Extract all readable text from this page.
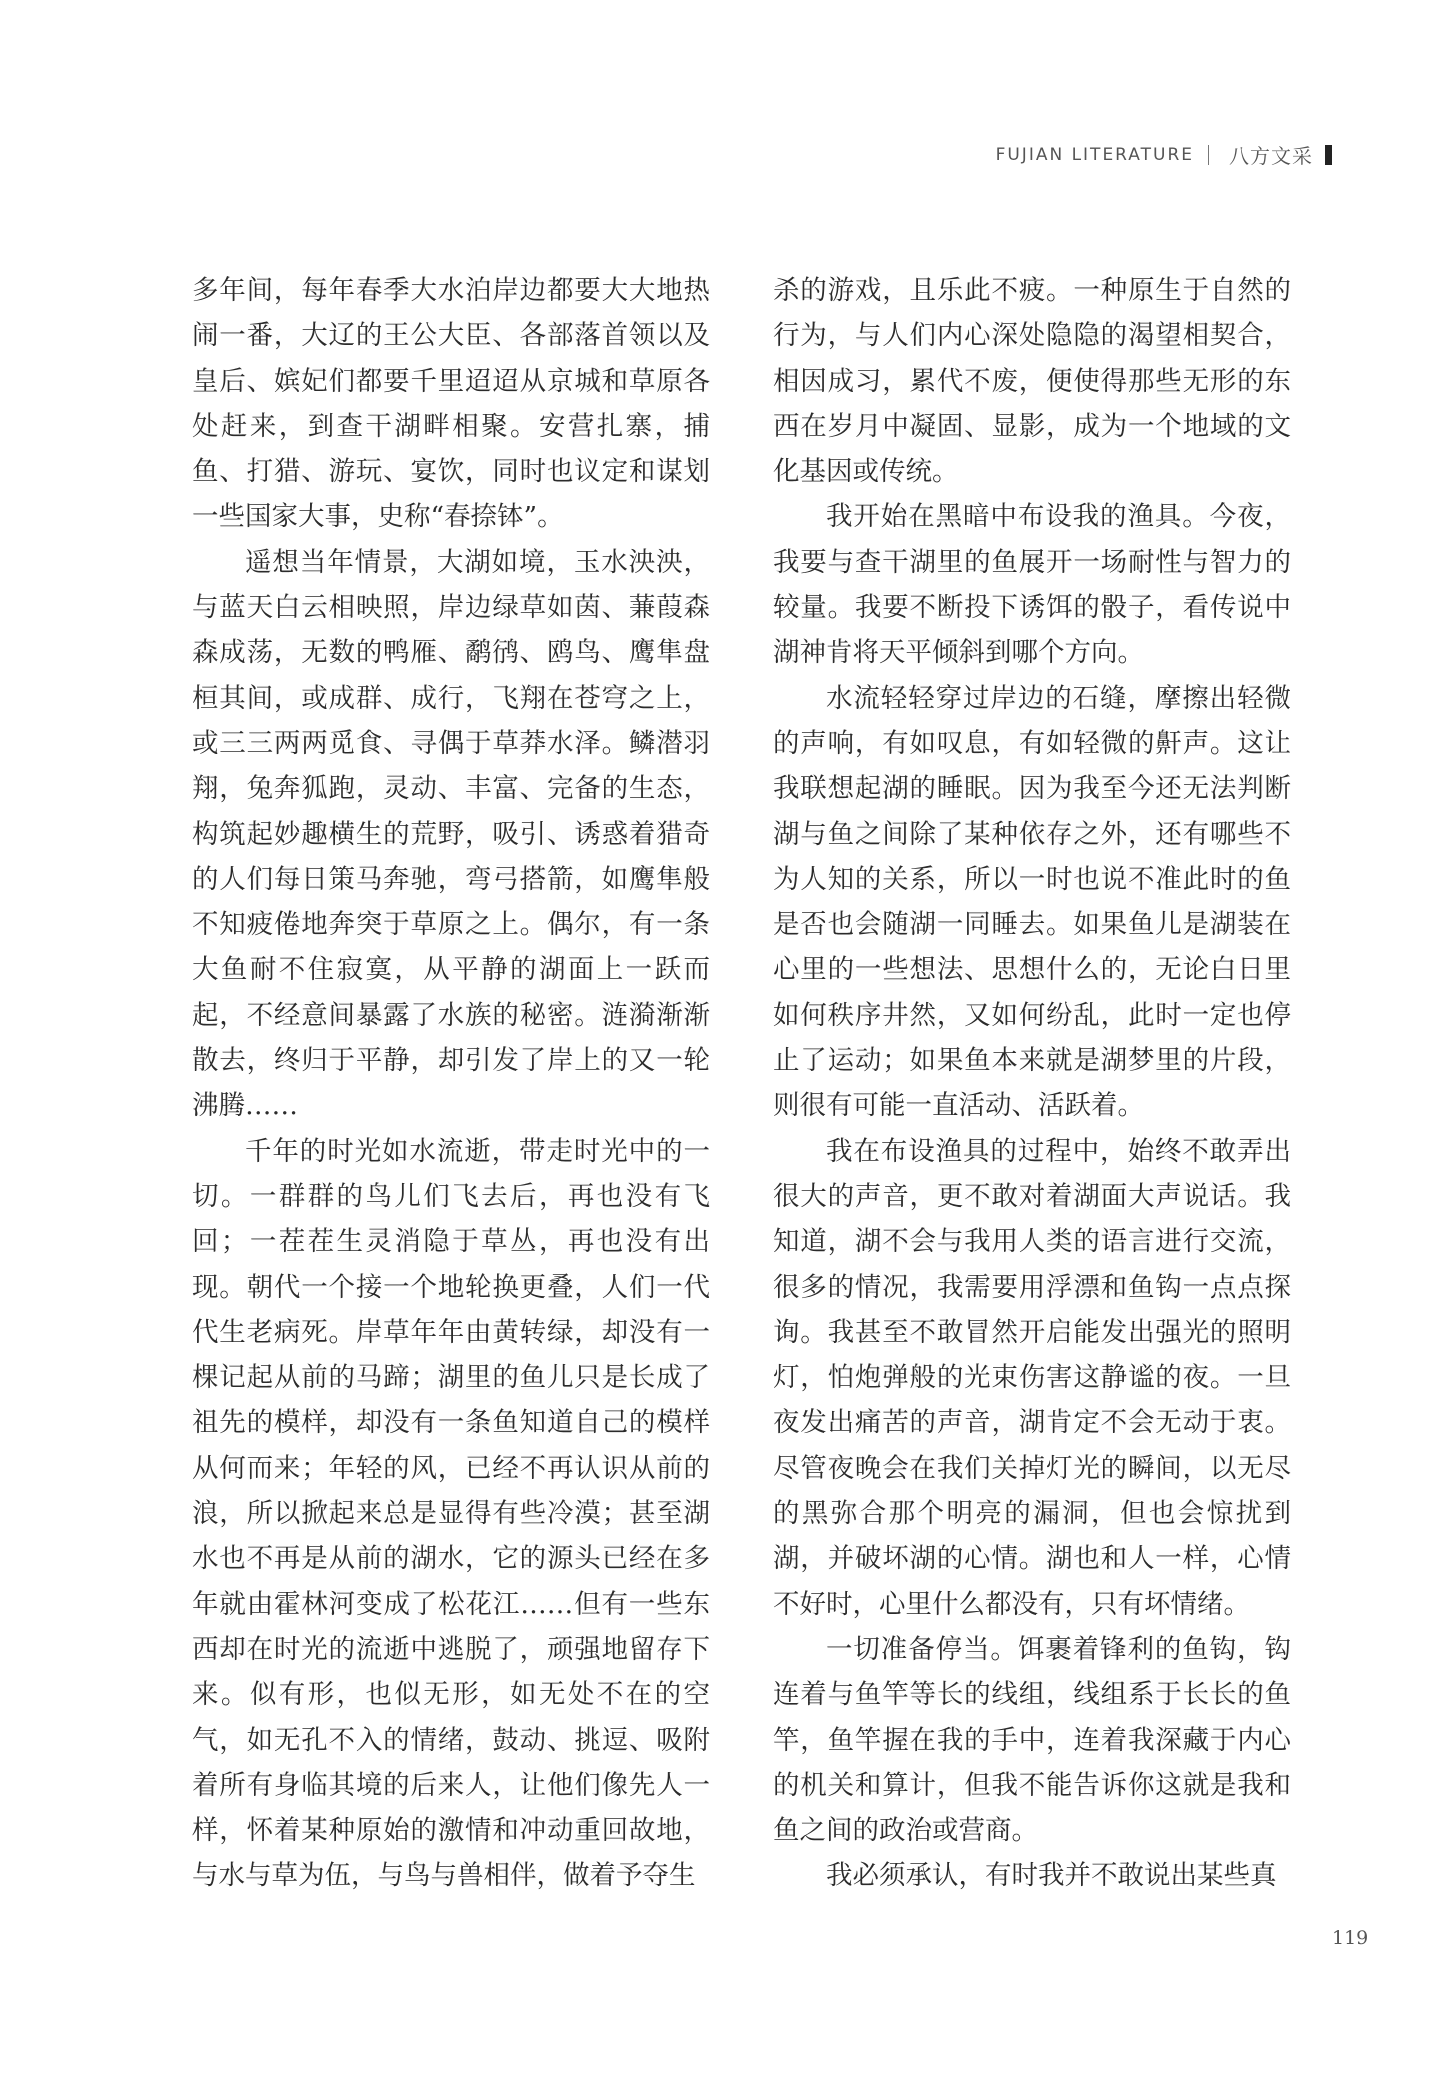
FUJIAN LITERATURE 八方文采

多年间，每年春季大水泊岸边都要大大地热闹一番，大辽的王公大臣、各部落首领以及皇后、嫔妃们都要千里迢迢从京城和草原各处赶来，到查干湖畔相聚。安营扎寨，捕鱼、打猎、游玩、宴饮，同时也议定和谋划一些国家大事，史称“春捺钵”。

遥想当年情景，大湖如境，玉水泱泱，与蓝天白云相映照，岸边绿草如茵、蒹葭森森成荡，无数的鸭雁、鹬鸻、鸥鸟、鹰隼盘桓其间，或成群、成行，飞翔在苍穹之上，或三三两两觅食、寻偶于草莽水泽。鳞潜羽翔，兔奔狐跑，灵动、丰富、完备的生态，构筑起妙趣横生的荒野，吸引、诱惑着猎奇的人们每日策马奔驰，弯弓搭箭，如鹰隼般不知疲倦地奔突于草原之上。偶尔，有一条大鱼耐不住寂寞，从平静的湖面上一跃而起，不经意间暴露了水族的秘密。涟漪渐渐散去，终归于平静，却引发了岸上的又一轮沸腾……

千年的时光如水流逝，带走时光中的一切。一群群的鸟儿们飞去后，再也没有飞回；一茬茬生灵消隐于草丛，再也没有出现。朝代一个接一个地轮换更叠，人们一代代生老病死。岸草年年由黄转绿，却没有一棵记起从前的马蹄；湖里的鱼儿只是长成了祖先的模样，却没有一条鱼知道自己的模样从何而来；年轻的风，已经不再认识从前的浪，所以掀起来总是显得有些冷漠；甚至湖水也不再是从前的湖水，它的源头已经在多年就由霍林河变成了松花江……但有一些东西却在时光的流逝中逃脱了，顽强地留存下来。似有形，也似无形，如无处不在的空气，如无孔不入的情绪，鼓动、挑逗、吸附着所有身临其境的后来人，让他们像先人一样，怀着某种原始的激情和冲动重回故地，与水与草为伍，与鸟与兽相伴，做着予夺生

杀的游戏，且乐此不疲。一种原生于自然的行为，与人们内心深处隐隐的渴望相契合，相因成习，累代不废，便使得那些无形的东西在岁月中凝固、显影，成为一个地域的文化基因或传统。

我开始在黑暗中布设我的渔具。今夜，我要与查干湖里的鱼展开一场耐性与智力的较量。我要不断投下诱饵的骰子，看传说中湖神肯将天平倾斜到哪个方向。

水流轻轻穿过岸边的石缝，摩擦出轻微的声响，有如叹息，有如轻微的鼾声。这让我联想起湖的睡眠。因为我至今还无法判断湖与鱼之间除了某种依存之外，还有哪些不为人知的关系，所以一时也说不准此时的鱼是否也会随湖一同睡去。如果鱼儿是湖装在心里的一些想法、思想什么的，无论白日里如何秩序井然，又如何纷乱，此时一定也停止了运动；如果鱼本来就是湖梦里的片段，则很有可能一直活动、活跃着。

我在布设渔具的过程中，始终不敢弄出很大的声音，更不敢对着湖面大声说话。我知道，湖不会与我用人类的语言进行交流，很多的情况，我需要用浮漂和鱼钩一点点探询。我甚至不敢冒然开启能发出强光的照明灯，怕炮弹般的光束伤害这静谧的夜。一旦夜发出痛苦的声音，湖肯定不会无动于衷。尽管夜晚会在我们关掉灯光的瞬间，以无尽的黑弥合那个明亮的漏洞，但也会惊扰到湖，并破坏湖的心情。湖也和人一样，心情不好时，心里什么都没有，只有坏情绪。

一切准备停当。饵裹着锋利的鱼钩，钩连着与鱼竿等长的线组，线组系于长长的鱼竿，鱼竿握在我的手中，连着我深藏于内心的机关和算计，但我不能告诉你这就是我和鱼之间的政治或营商。

我必须承认，有时我并不敢说出某些真

119
